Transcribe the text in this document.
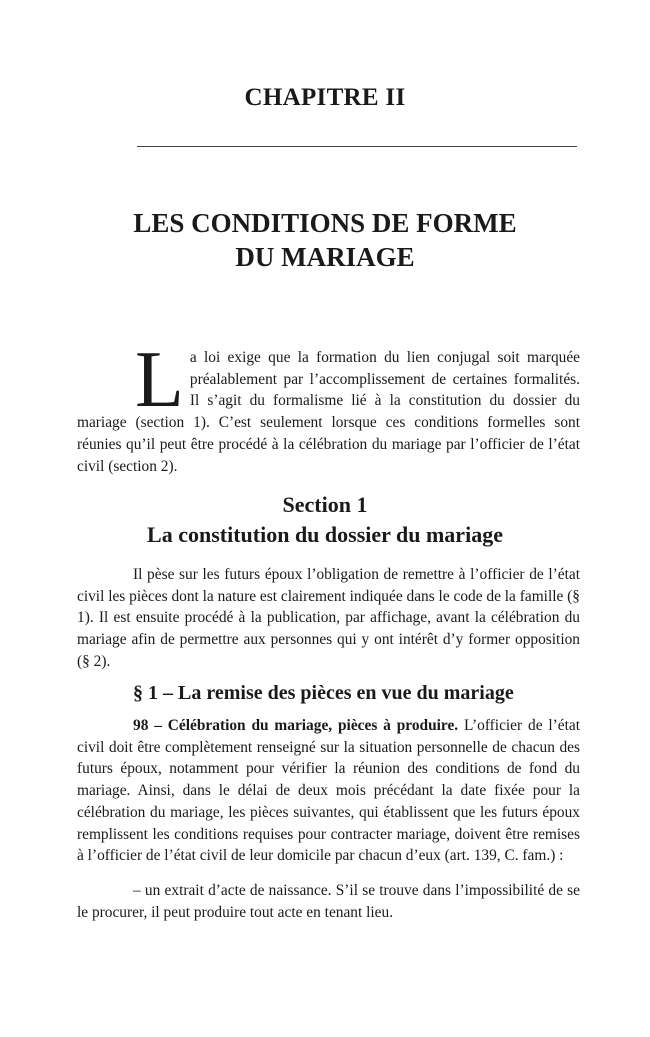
CHAPITRE II
LES CONDITIONS DE FORME
DU MARIAGE
La loi exige que la formation du lien conjugal soit marquée préalablement par l’accomplissement de certaines formalités. Il s’agit du formalisme lié à la constitution du dossier du mariage (section 1). C’est seulement lorsque ces conditions formelles sont réunies qu’il peut être procédé à la célébration du mariage par l’officier de l’état civil (section 2).
Section 1
La constitution du dossier du mariage
Il pèse sur les futurs époux l’obligation de remettre à l’officier de l’état civil les pièces dont la nature est clairement indiquée dans le code de la famille (§ 1). Il est ensuite procédé à la publication, par affichage, avant la célébration du mariage afin de permettre aux personnes qui y ont intérêt d’y former opposition (§ 2).
§ 1 – La remise des pièces en vue du mariage
98 – Célébration du mariage, pièces à produire. L’officier de l’état civil doit être complètement renseigné sur la situation personnelle de chacun des futurs époux, notamment pour vérifier la réunion des conditions de fond du mariage. Ainsi, dans le délai de deux mois précédant la date fixée pour la célébration du mariage, les pièces suivantes, qui établissent que les futurs époux remplissent les conditions requises pour contracter mariage, doivent être remises à l’officier de l’état civil de leur domicile par chacun d’eux (art. 139, C. fam.) :
– un extrait d’acte de naissance. S’il se trouve dans l’impossibilité de se le procurer, il peut produire tout acte en tenant lieu.
